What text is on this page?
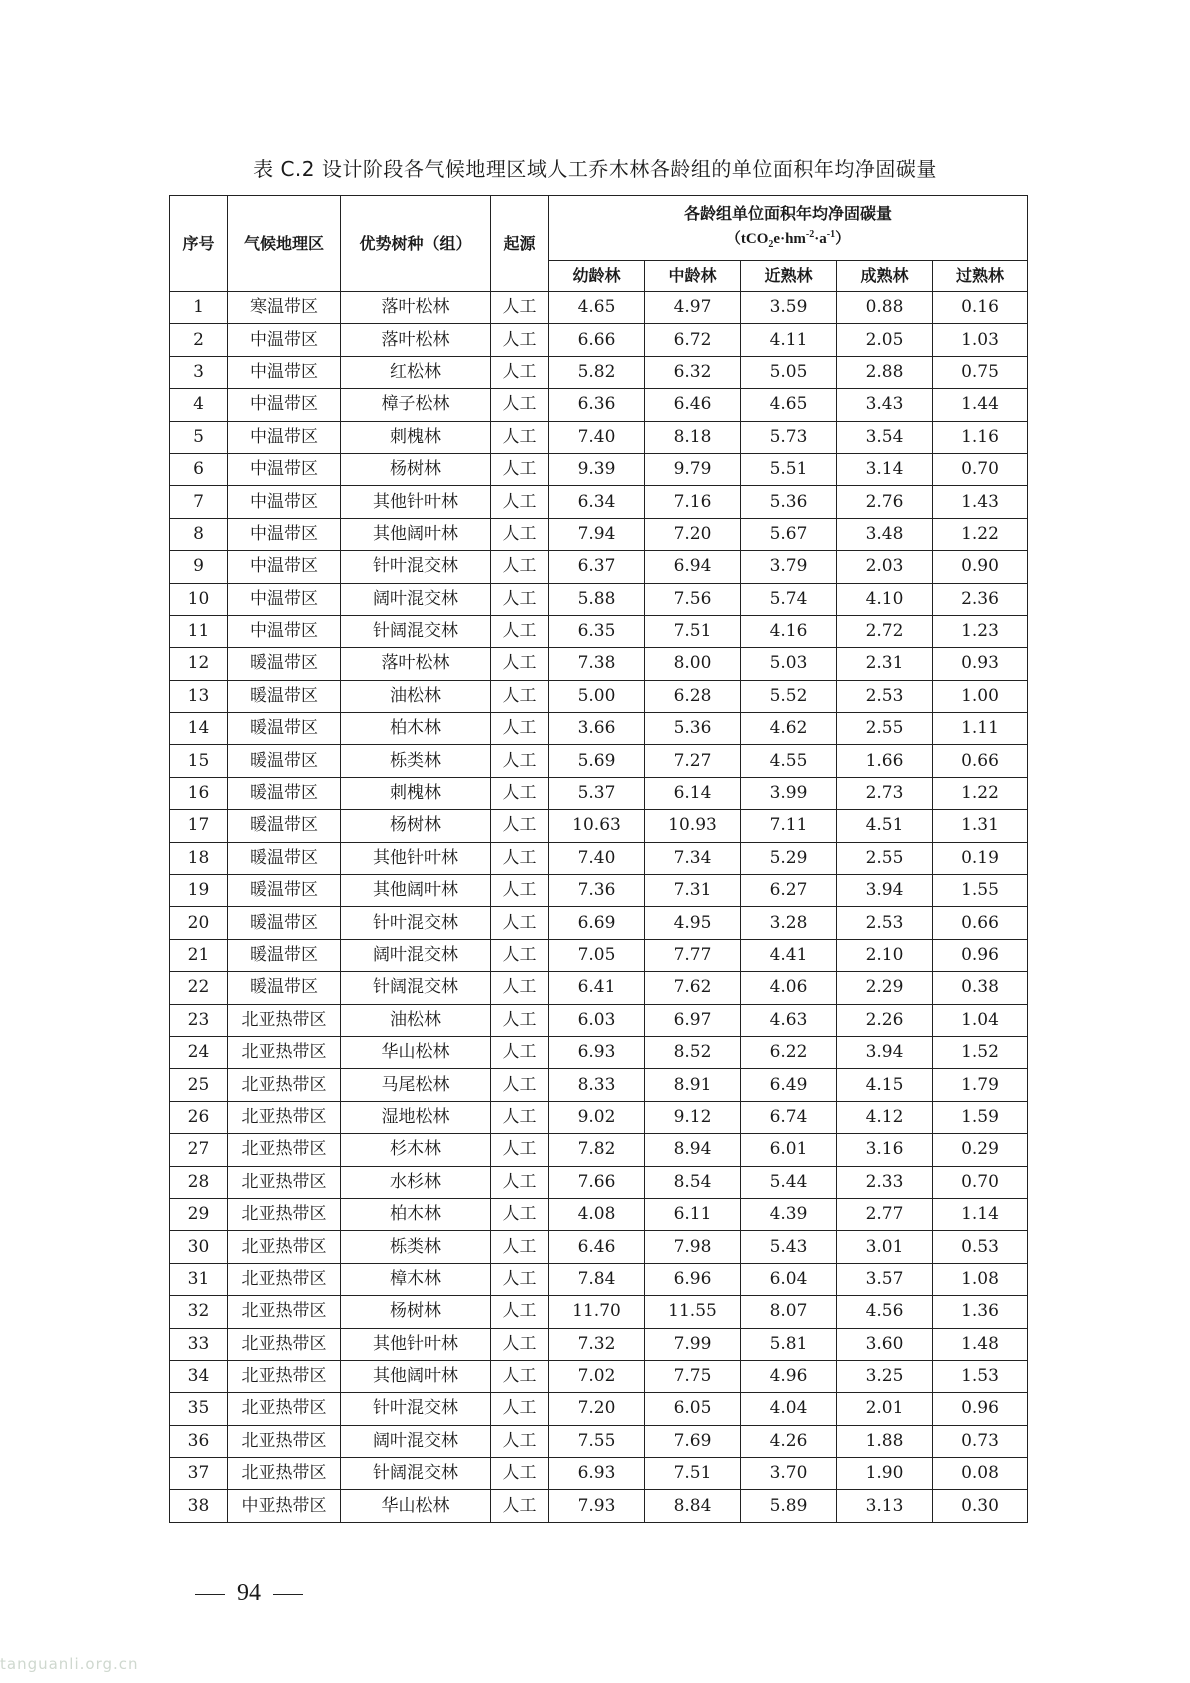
表 C.2 设计阶段各气候地理区域人工乔木林各龄组的单位面积年均净固碳量
序号	气候地理区	优势树种（组）	起源	各龄组单位面积年均净固碳量
$(tCO_2e\cdot hm^{-2}\cdot a^{-1})$				
				幼龄林	中龄林	近熟林	成熟林	过熟林
1	寒温带区	落叶松林	人工	4.65	4.97	3.59	0.88	0.16
2	中温带区	落叶松林	人工	6.66	6.72	4.11	2.05	1.03
3	中温带区	红松林	人工	5.82	6.32	5.05	2.88	0.75
4	中温带区	樟子松林	人工	6.36	6.46	4.65	3.43	1.44
5	中温带区	刺槐林	人工	7.40	8.18	5.73	3.54	1.16
6	中温带区	杨树林	人工	9.39	9.79	5.51	3.14	0.70
7	中温带区	其他针叶林	人工	6.34	7.16	5.36	2.76	1.43
8	中温带区	其他阔叶林	人工	7.94	7.20	5.67	3.48	1.22
9	中温带区	针叶混交林	人工	6.37	6.94	3.79	2.03	0.90
10	中温带区	阔叶混交林	人工	5.88	7.56	5.74	4.10	2.36
11	中温带区	针阔混交林	人工	6.35	7.51	4.16	2.72	1.23
12	暖温带区	落叶松林	人工	7.38	8.00	5.03	2.31	0.93
13	暖温带区	油松林	人工	5.00	6.28	5.52	2.53	1.00
14	暖温带区	柏木林	人工	3.66	5.36	4.62	2.55	1.11
15	暖温带区	栎类林	人工	5.69	7.27	4.55	1.66	0.66
16	暖温带区	刺槐林	人工	5.37	6.14	3.99	2.73	1.22
17	暖温带区	杨树林	人工	10.63	10.93	7.11	4.51	1.31
18	暖温带区	其他针叶林	人工	7.40	7.34	5.29	2.55	0.19
19	暖温带区	其他阔叶林	人工	7.36	7.31	6.27	3.94	1.55
20	暖温带区	针叶混交林	人工	6.69	4.95	3.28	2.53	0.66
21	暖温带区	阔叶混交林	人工	7.05	7.77	4.41	2.10	0.96
22	暖温带区	针阔混交林	人工	6.41	7.62	4.06	2.29	0.38
23	北亚热带区	油松林	人工	6.03	6.97	4.63	2.26	1.04
24	北亚热带区	华山松林	人工	6.93	8.52	6.22	3.94	1.52
25	北亚热带区	马尾松林	人工	8.33	8.91	6.49	4.15	1.79
26	北亚热带区	湿地松林	人工	9.02	9.12	6.74	4.12	1.59
27	北亚热带区	杉木林	人工	7.82	8.94	6.01	3.16	0.29
28	北亚热带区	水杉林	人工	7.66	8.54	5.44	2.33	0.70
29	北亚热带区	柏木林	人工	4.08	6.11	4.39	2.77	1.14
30	北亚热带区	栎类林	人工	6.46	7.98	5.43	3.01	0.53
31	北亚热带区	樟木林	人工	7.84	6.96	6.04	3.57	1.08
32	北亚热带区	杨树林	人工	11.70	11.55	8.07	4.56	1.36
33	北亚热带区	其他针叶林	人工	7.32	7.99	5.81	3.60	1.48
34	北亚热带区	其他阔叶林	人工	7.02	7.75	4.96	3.25	1.53
35	北亚热带区	针叶混交林	人工	7.20	6.05	4.04	2.01	0.96
36	北亚热带区	阔叶混交林	人工	7.55	7.69	4.26	1.88	0.73
37	北亚热带区	针阔混交林	人工	6.93	7.51	3.70	1.90	0.08
38	中亚热带区	华山松林	人工	7.93	8.84	5.89	3.13	0.30
94
tanguanli.org.cn
